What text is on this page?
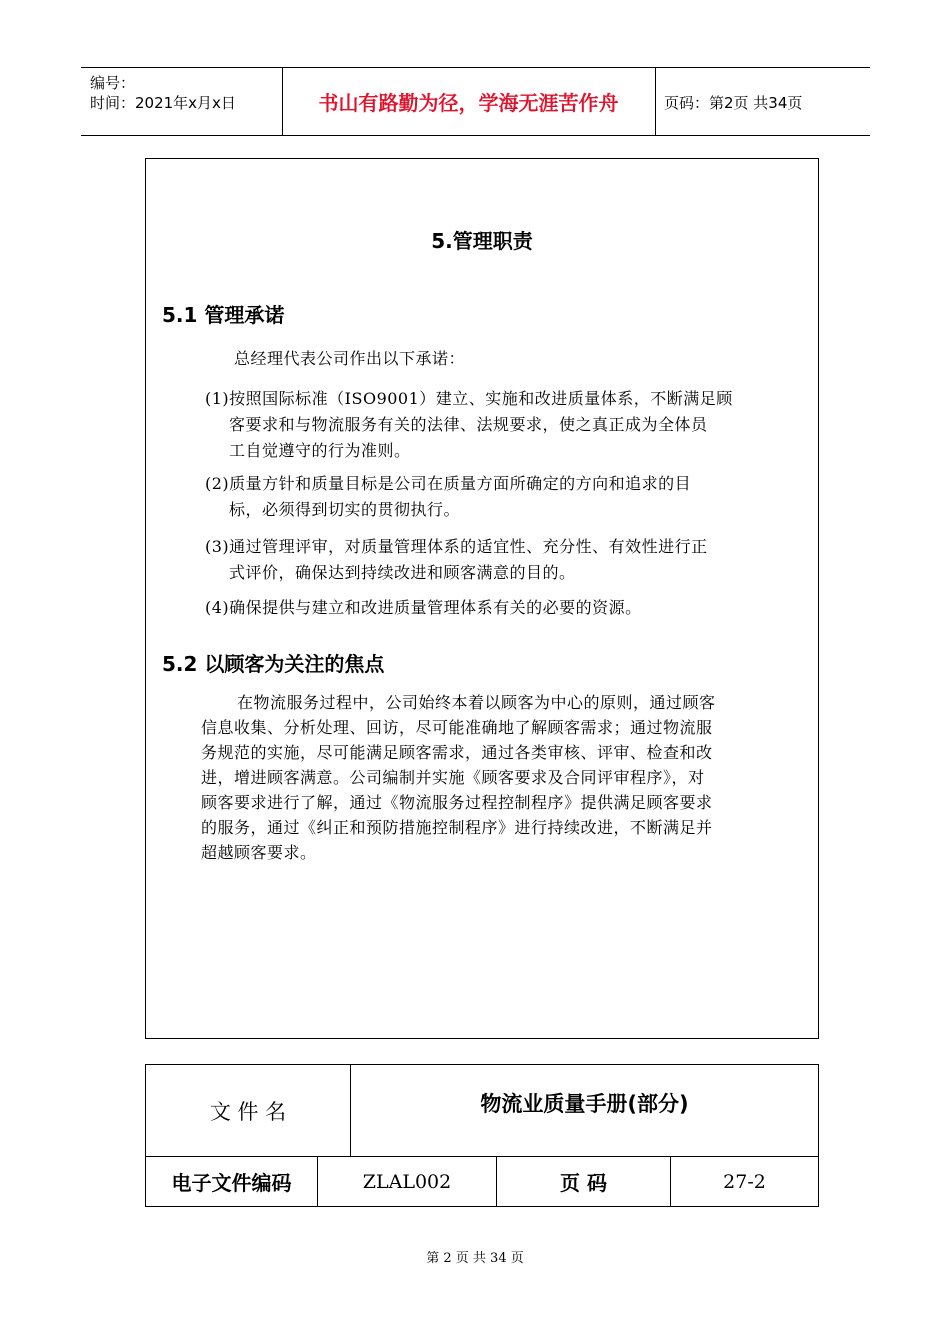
编号：
时间：2021年x月x日	书山有路勤为径，学海无涯苦作舟	页码：第2页 共34页
5.管理职责
5.1 管理承诺
总经理代表公司作出以下承诺：
(1)按照国际标准（ISO9001）建立、实施和改进质量体系，不断满足顾
客要求和与物流服务有关的法律、法规要求，使之真正成为全体员
工自觉遵守的行为准则。
(2)质量方针和质量目标是公司在质量方面所确定的方向和追求的目
标，必须得到切实的贯彻执行。
(3)通过管理评审，对质量管理体系的适宜性、充分性、有效性进行正
式评价，确保达到持续改进和顾客满意的目的。
(4)确保提供与建立和改进质量管理体系有关的必要的资源。
5.2 以顾客为关注的焦点
在物流服务过程中，公司始终本着以顾客为中心的原则，通过顾客
信息收集、分析处理、回访，尽可能准确地了解顾客需求；通过物流服
务规范的实施，尽可能满足顾客需求，通过各类审核、评审、检查和改
进，增进顾客满意。公司编制并实施《顾客要求及合同评审程序》，对
顾客要求进行了解，通过《物流服务过程控制程序》提供满足顾客要求
的服务，通过《纠正和预防措施控制程序》进行持续改进，不断满足并
超越顾客要求。
文 件 名	物流业质量手册(部分)
电子文件编码	ZLAL002	页 码	27-2
第 2 页 共 34 页
